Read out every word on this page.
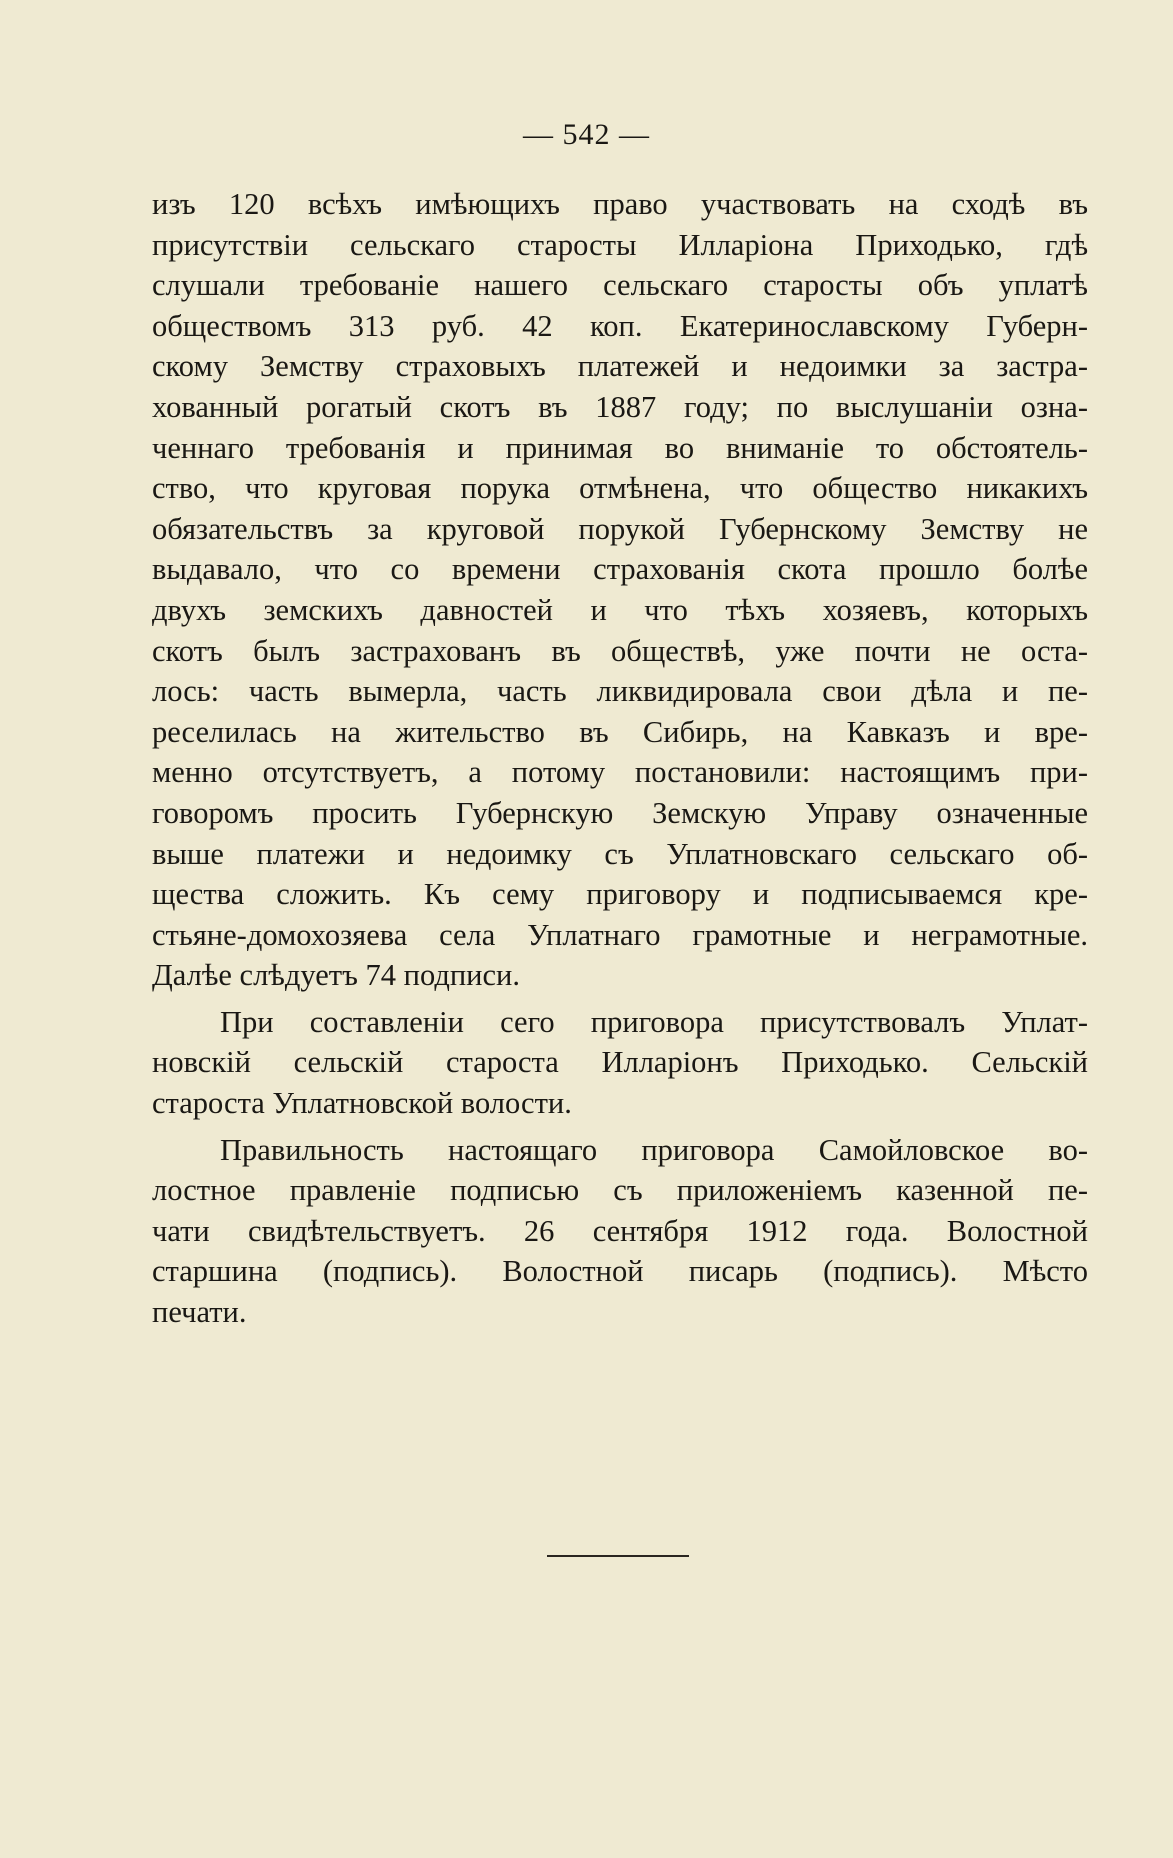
— 542 —
изъ 120 всѣхъ имѣющихъ право участвовать на сходѣ въ
присутствіи сельскаго старосты Илларіона Приходько, гдѣ
слушали требованіе нашего сельскаго старосты объ уплатѣ
обществомъ 313 руб. 42 коп. Екатеринославскому Губерн-
скому Земству страховыхъ платежей и недоимки за застра-
хованный рогатый скотъ въ 1887 году; по выслушаніи озна-
ченнаго требованія и принимая во вниманіе то обстоятель-
ство, что круговая порука отмѣнена, что общество никакихъ
обязательствъ за круговой порукой Губернскому Земству не
выдавало, что со времени страхованія скота прошло болѣе
двухъ земскихъ давностей и что тѣхъ хозяевъ, которыхъ
скотъ былъ застрахованъ въ обществѣ, уже почти не оста-
лось: часть вымерла, часть ликвидировала свои дѣла и пе-
реселилась на жительство въ Сибирь, на Кавказъ и вре-
менно отсутствуетъ, а потому постановили: настоящимъ при-
говоромъ просить Губернскую Земскую Управу означенные
выше платежи и недоимку съ Уплатновскаго сельскаго об-
щества сложить. Къ сему приговору и подписываемся кре-
стьяне-домохозяева села Уплатнаго грамотные и неграмотные.
Далѣе слѣдуетъ 74 подписи.
При составленіи сего приговора присутствовалъ Уплат-
новскій сельскій староста Илларіонъ Приходько. Сельскій
староста Уплатновской волости.
Правильность настоящаго приговора Самойловское во-
лостное правленіе подписью съ приложеніемъ казенной пе-
чати свидѣтельствуетъ. 26 сентября 1912 года. Волостной
старшина (подпись). Волостной писарь (подпись). Мѣсто
печати.
